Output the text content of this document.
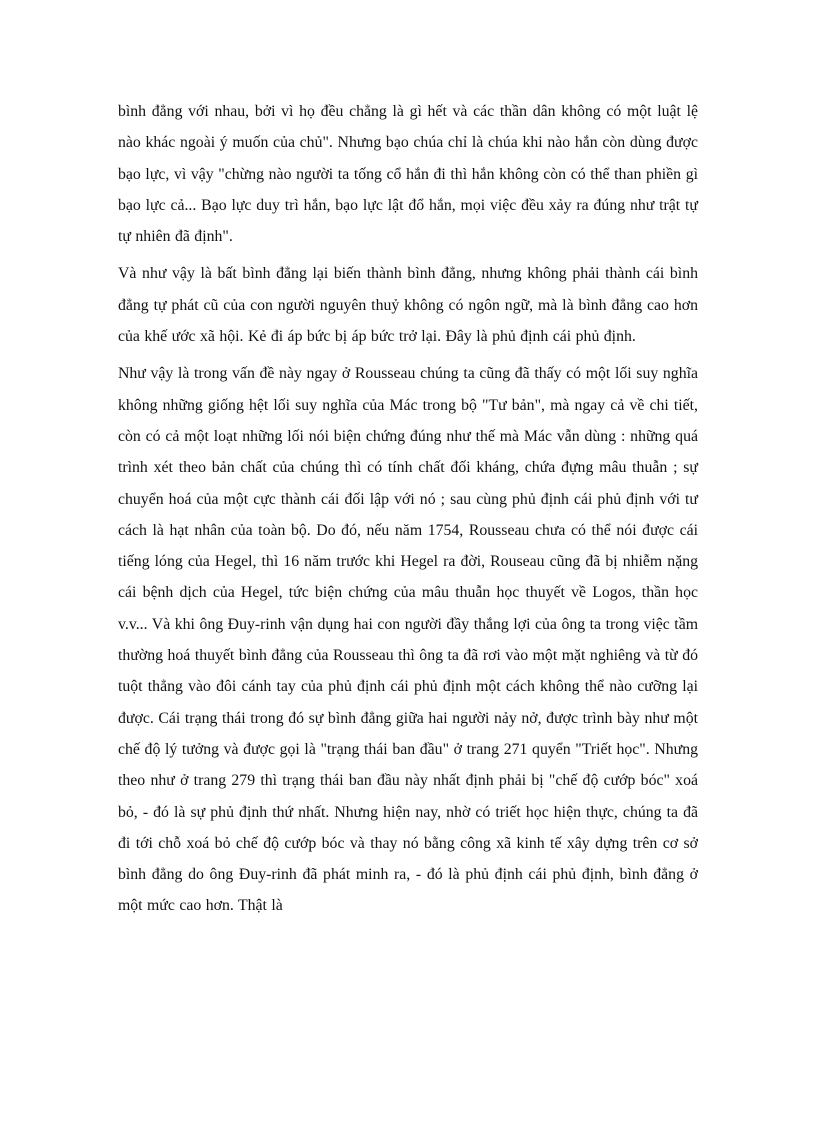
bình đẳng với nhau, bởi vì họ đều chẳng là gì hết và các thần dân không có một luật lệ nào khác ngoài ý muốn của chủ". Nhưng bạo chúa chỉ là chúa khi nào hắn còn dùng được bạo lực, vì vậy "chừng nào người ta tống cổ hắn đi thì hắn không còn có thể than phiền gì bạo lực cả... Bạo lực duy trì hắn, bạo lực lật đổ hắn, mọi việc đều xảy ra đúng như trật tự tự nhiên đã định".

Và như vậy là bất bình đẳng lại biến thành bình đẳng, nhưng không phải thành cái bình đẳng tự phát cũ của con người nguyên thuỷ không có ngôn ngữ, mà là bình đẳng cao hơn của khế ước xã hội. Kẻ đi áp bức bị áp bức trở lại. Đây là phủ định cái phủ định.

Như vậy là trong vấn đề này ngay ở Rousseau chúng ta cũng đã thấy có một lối suy nghĩa không những giống hệt lối suy nghĩa của Mác trong bộ "Tư bản", mà ngay cả về chi tiết, còn có cả một loạt những lối nói biện chứng đúng như thế mà Mác vẫn dùng : những quá trình xét theo bản chất của chúng thì có tính chất đối kháng, chứa đựng mâu thuẫn ; sự chuyển hoá của một cực thành cái đối lập với nó ; sau cùng phủ định cái phủ định với tư cách là hạt nhân của toàn bộ. Do đó, nếu năm 1754, Rousseau chưa có thể nói được cái tiếng lóng của Hegel, thì 16 năm trước khi Hegel ra đời, Rouseau cũng đã bị nhiễm nặng cái bệnh dịch của Hegel, tức biện chứng của mâu thuẫn học thuyết về Logos, thần học v.v... Và khi ông Đuy-rinh vận dụng hai con người đầy thắng lợi của ông ta trong việc tầm thường hoá thuyết bình đẳng của Rousseau thì ông ta đã rơi vào một mặt nghiêng và từ đó tuột thẳng vào đôi cánh tay của phủ định cái phủ định một cách không thể nào cưỡng lại được. Cái trạng thái trong đó sự bình đẳng giữa hai người nảy nở, được trình bày như một chế độ lý tưởng và được gọi là "trạng thái ban đầu" ở trang 271 quyển "Triết học". Nhưng theo như ở trang 279 thì trạng thái ban đầu này nhất định phải bị "chế độ cướp bóc" xoá bỏ, - đó là sự phủ định thứ nhất. Nhưng hiện nay, nhờ có triết học hiện thực, chúng ta đã đi tới chỗ xoá bỏ chế độ cướp bóc và thay nó bằng công xã kinh tế xây dựng trên cơ sở bình đẳng do ông Đuy-rinh đã phát minh ra, - đó là phủ định cái phủ định, bình đẳng ở một mức cao hơn. Thật là
